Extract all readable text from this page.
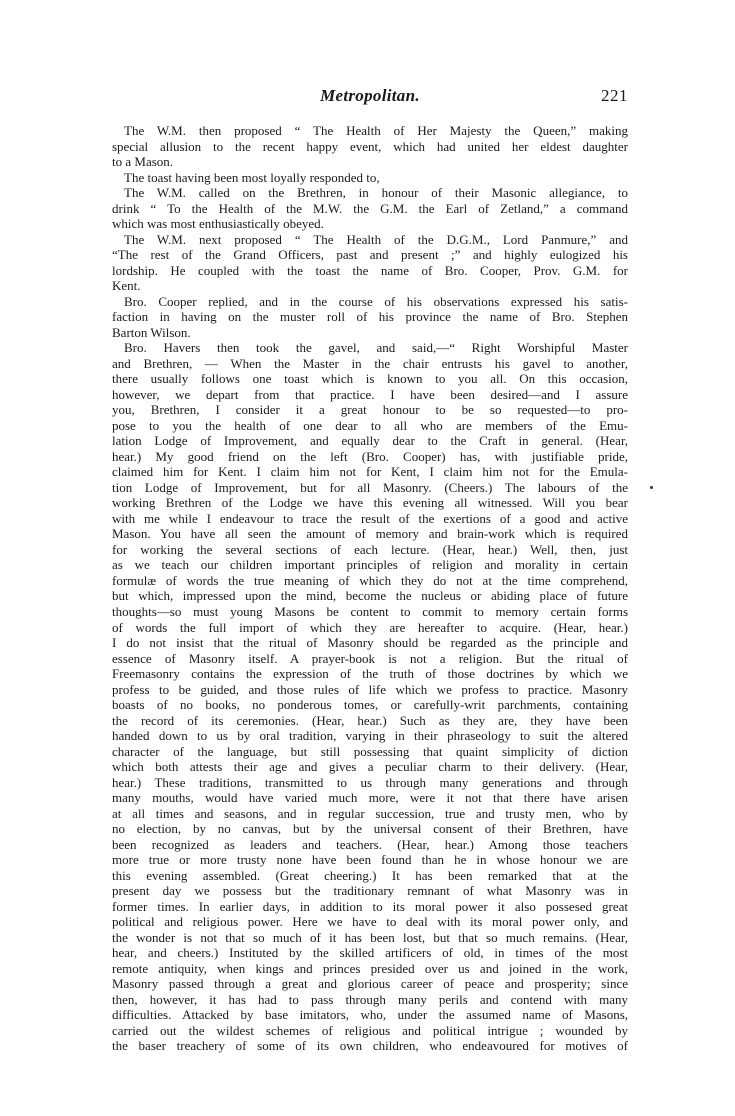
Metropolitan.	221
The W.M. then proposed “ The Health of Her Majesty the Queen,” making
special allusion to the recent happy event, which had united her eldest daughter
to a Mason.
The toast having been most loyally responded to,
The W.M. called on the Brethren, in honour of their Masonic allegiance, to
drink “ To the Health of the M.W. the G.M. the Earl of Zetland,” a command
which was most enthusiastically obeyed.
The W.M. next proposed “ The Health of the D.G.M., Lord Panmure,” and
“The rest of the Grand Officers, past and present ;” and highly eulogized his
lordship. He coupled with the toast the name of Bro. Cooper, Prov. G.M. for
Kent.
Bro. Cooper replied, and in the course of his observations expressed his satis-
faction in having on the muster roll of his province the name of Bro. Stephen
Barton Wilson.
Bro. Havers then took the gavel, and said,—“ Right Worshipful Master
and Brethren, — When the Master in the chair entrusts his gavel to another,
there usually follows one toast which is known to you all. On this occasion,
however, we depart from that practice. I have been desired—and I assure
you, Brethren, I consider it a great honour to be so requested—to pro-
pose to you the health of one dear to all who are members of the Emu-
lation Lodge of Improvement, and equally dear to the Craft in general. (Hear,
hear.) My good friend on the left (Bro. Cooper) has, with justifiable pride,
claimed him for Kent. I claim him not for Kent, I claim him not for the Emula-
tion Lodge of Improvement, but for all Masonry. (Cheers.) The labours of the
working Brethren of the Lodge we have this evening all witnessed. Will you bear
with me while I endeavour to trace the result of the exertions of a good and active
Mason. You have all seen the amount of memory and brain-work which is required
for working the several sections of each lecture. (Hear, hear.) Well, then, just
as we teach our children important principles of religion and morality in certain
formulæ of words the true meaning of which they do not at the time comprehend,
but which, impressed upon the mind, become the nucleus or abiding place of future
thoughts—so must young Masons be content to commit to memory certain forms
of words the full import of which they are hereafter to acquire. (Hear, hear.)
I do not insist that the ritual of Masonry should be regarded as the principle and
essence of Masonry itself. A prayer-book is not a religion. But the ritual of
Freemasonry contains the expression of the truth of those doctrines by which we
profess to be guided, and those rules of life which we profess to practice. Masonry
boasts of no books, no ponderous tomes, or carefully-writ parchments, containing
the record of its ceremonies. (Hear, hear.) Such as they are, they have been
handed down to us by oral tradition, varying in their phraseology to suit the altered
character of the language, but still possessing that quaint simplicity of diction
which both attests their age and gives a peculiar charm to their delivery. (Hear,
hear.) These traditions, transmitted to us through many generations and through
many mouths, would have varied much more, were it not that there have arisen
at all times and seasons, and in regular succession, true and trusty men, who by
no election, by no canvas, but by the universal consent of their Brethren, have
been recognized as leaders and teachers. (Hear, hear.) Among those teachers
more true or more trusty none have been found than he in whose honour we are
this evening assembled. (Great cheering.) It has been remarked that at the
present day we possess but the traditionary remnant of what Masonry was in
former times. In earlier days, in addition to its moral power it also possesed great
political and religious power. Here we have to deal with its moral power only, and
the wonder is not that so much of it has been lost, but that so much remains. (Hear,
hear, and cheers.) Instituted by the skilled artificers of old, in times of the most
remote antiquity, when kings and princes presided over us and joined in the work,
Masonry passed through a great and glorious career of peace and prosperity; since
then, however, it has had to pass through many perils and contend with many
difficulties. Attacked by base imitators, who, under the assumed name of Masons,
carried out the wildest schemes of religious and political intrigue ; wounded by
the baser treachery of some of its own children, who endeavoured for motives of
